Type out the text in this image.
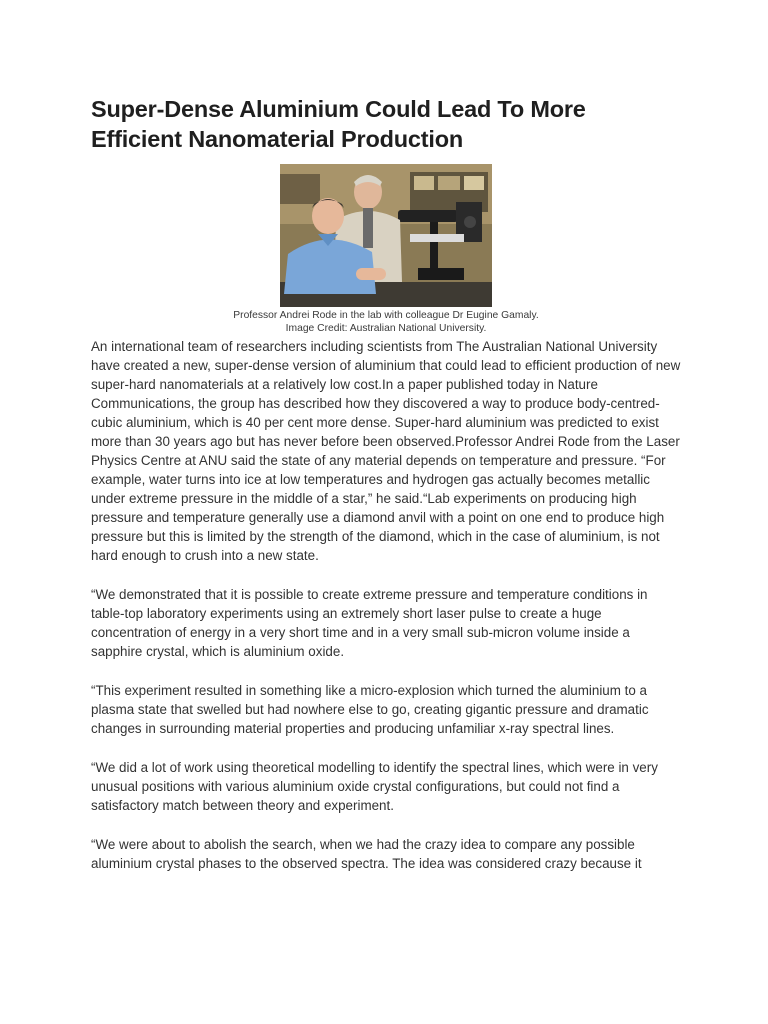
Super-Dense Aluminium Could Lead To More Efficient Nanomaterial Production
Professor Andrei Rode in the lab with colleague Dr Eugine Gamaly.
Image Credit: Australian National University.

An international team of researchers including scientists from The Australian National University have created a new, super-dense version of aluminium that could lead to efficient production of new super-hard nanomaterials at a relatively low cost.In a paper published today in Nature Communications, the group has described how they discovered a way to produce body-centred-cubic aluminium, which is 40 per cent more dense. Super-hard aluminium was predicted to exist more than 30 years ago but has never before been observed.Professor Andrei Rode from the Laser Physics Centre at ANU said the state of any material depends on temperature and pressure. “For example, water turns into ice at low temperatures and hydrogen gas actually becomes metallic under extreme pressure in the middle of a star,” he said.“Lab experiments on producing high pressure and temperature generally use a diamond anvil with a point on one end to produce high pressure but this is limited by the strength of the diamond, which in the case of aluminium, is not hard enough to crush into a new state.

“We demonstrated that it is possible to create extreme pressure and temperature conditions in table-top laboratory experiments using an extremely short laser pulse to create a huge concentration of energy in a very short time and in a very small sub-micron volume inside a sapphire crystal, which is aluminium oxide.

“This experiment resulted in something like a micro-explosion which turned the aluminium to a plasma state that swelled but had nowhere else to go, creating gigantic pressure and dramatic changes in surrounding material properties and producing unfamiliar x-ray spectral lines.

“We did a lot of work using theoretical modelling to identify the spectral lines, which were in very unusual positions with various aluminium oxide crystal configurations, but could not find a satisfactory match between theory and experiment.

“We were about to abolish the search, when we had the crazy idea to compare any possible aluminium crystal phases to the observed spectra. The idea was considered crazy because it
